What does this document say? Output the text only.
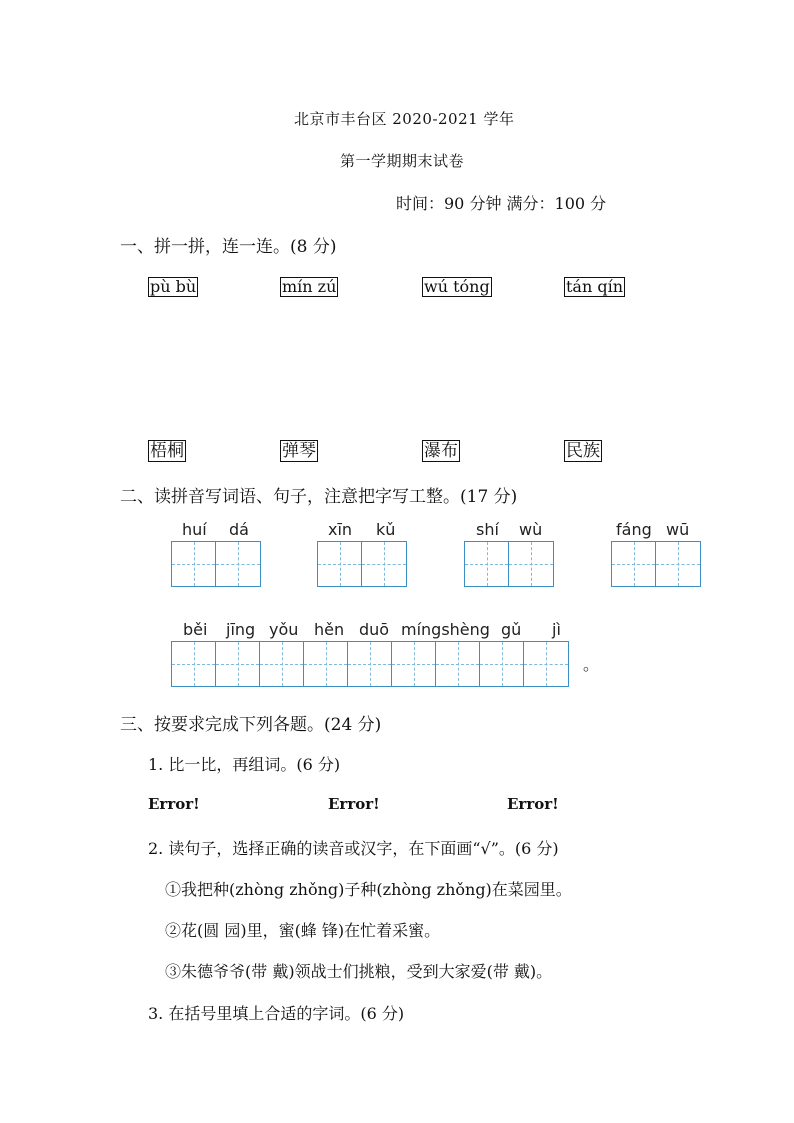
北京市丰台区 2020-2021 学年
第一学期期末试卷
时间：90 分钟 满分：100 分
一、拼一拼，连一连。(8 分)
pù bù	mín zú	wú tóng	tán qín
梧桐	弹琴	瀑布	民族
二、读拼音写词语、句子，注意把字写工整。(17 分)
huí dá	xīn kǔ	shí wù	fáng wū
běi jīng yǒu hěn duō míngshèng gǔ jì
。
三、按要求完成下列各题。(24 分)
1. 比一比，再组词。(6 分)
Error!	Error!	Error!
2. 读句子，选择正确的读音或汉字，在下面画“√”。(6 分)
①我把种(zhòng zhǒng)子种(zhòng zhǒng)在菜园里。
②花(圆 园)里，蜜(蜂 锋)在忙着采蜜。
③朱德爷爷(带 戴)领战士们挑粮，受到大家爱(带 戴)。
3. 在括号里填上合适的字词。(6 分)
